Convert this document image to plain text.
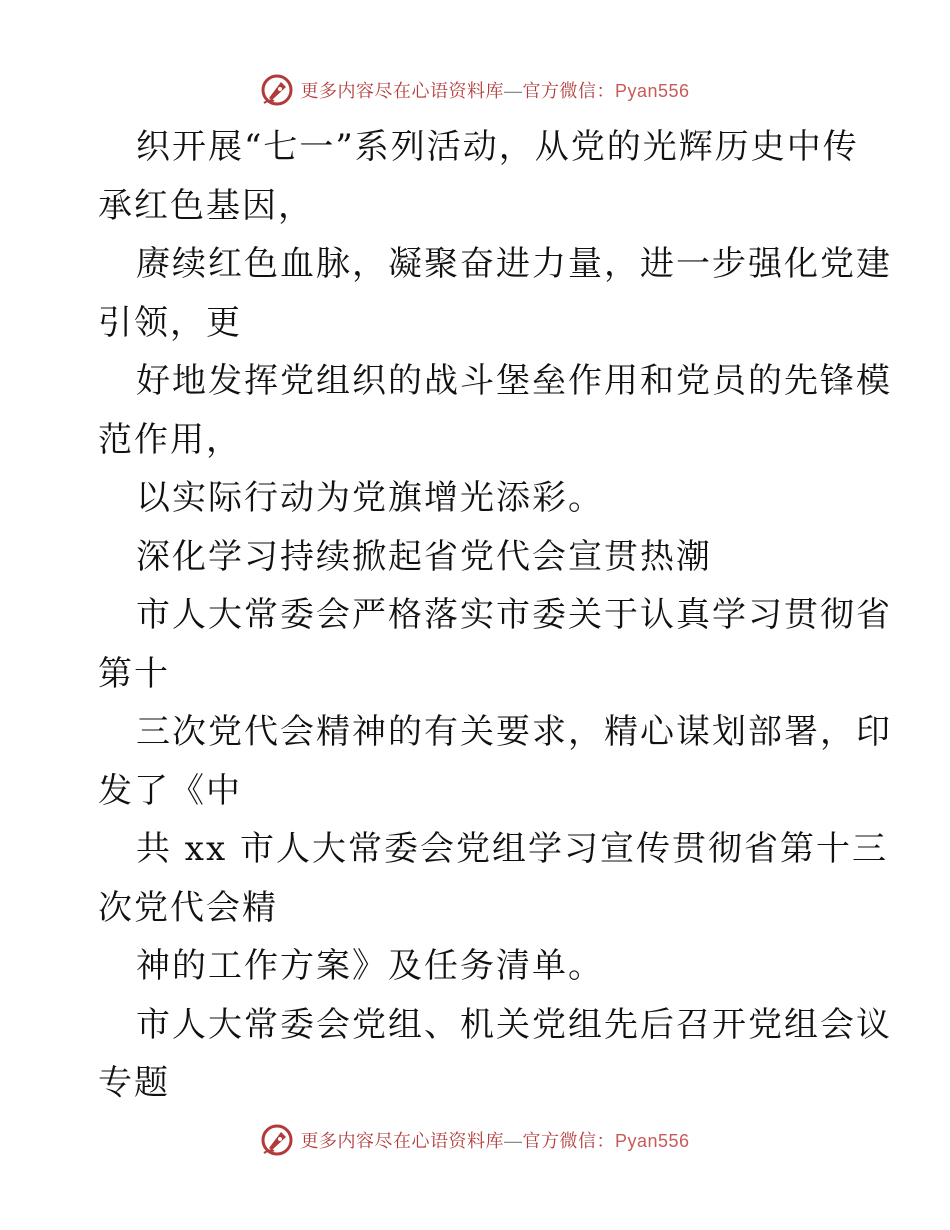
更多内容尽在心语资料库—官方微信：Pyan556
织开展“七一”系列活动，从党的光辉历史中传
承红色基因，
赓续红色血脉，凝聚奋进力量，进一步强化党建
引领，更
好地发挥党组织的战斗堡垒作用和党员的先锋模
范作用，
以实际行动为党旗增光添彩。
深化学习持续掀起省党代会宣贯热潮
市人大常委会严格落实市委关于认真学习贯彻省
第十
三次党代会精神的有关要求，精心谋划部署，印
发了《中
共 xx 市人大常委会党组学习宣传贯彻省第十三
次党代会精
神的工作方案》及任务清单。
市人大常委会党组、机关党组先后召开党组会议
专题
更多内容尽在心语资料库—官方微信：Pyan556
